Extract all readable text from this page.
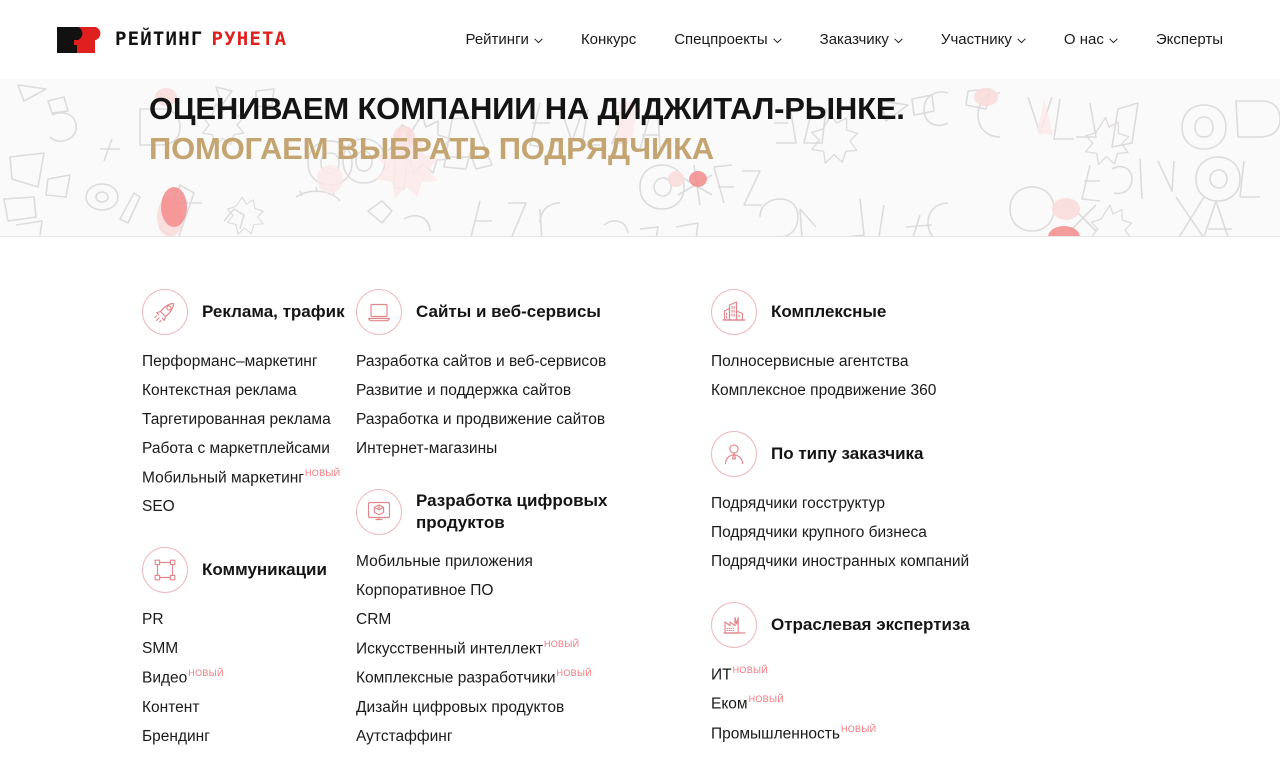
РЕЙТИНГ РУНЕТА	Рейтинги	Конкурс	Спецпроекты	Заказчику	Участнику	О нас	Эксперты
ОЦЕНИВАЕМ КОМПАНИИ НА ДИДЖИТАЛ-РЫНКЕ.
ПОМОГАЕМ ВЫБРАТЬ ПОДРЯДЧИКА
Реклама, трафик
Перформанс–маркетинг
Контекстная реклама
Таргетированная реклама
Работа с маркетплейсами
Мобильный маркетинг$^{НОВЫЙ}$
SEO
Коммуникации
PR
SMM
Видео$^{НОВЫЙ}$
Контент
Брендинг
Сайты и веб-сервисы
Разработка сайтов и веб-сервисов
Развитие и поддержка сайтов
Разработка и продвижение сайтов
Интернет-магазины
Разработка цифровых продуктов
Мобильные приложения
Корпоративное ПО
CRM
Искусственный интеллект$^{НОВЫЙ}$
Комплексные разработчики$^{НОВЫЙ}$
Дизайн цифровых продуктов
Аутстаффинг
Комплексные
Полносервисные агентства
Комплексное продвижение 360
По типу заказчика
Подрядчики госструктур
Подрядчики крупного бизнеса
Подрядчики иностранных компаний
Отраслевая экспертиза
$ИТ^{НОВЫЙ}$
Еком$^{НОВЫЙ}$
Промышленность$^{НОВЫЙ}$
